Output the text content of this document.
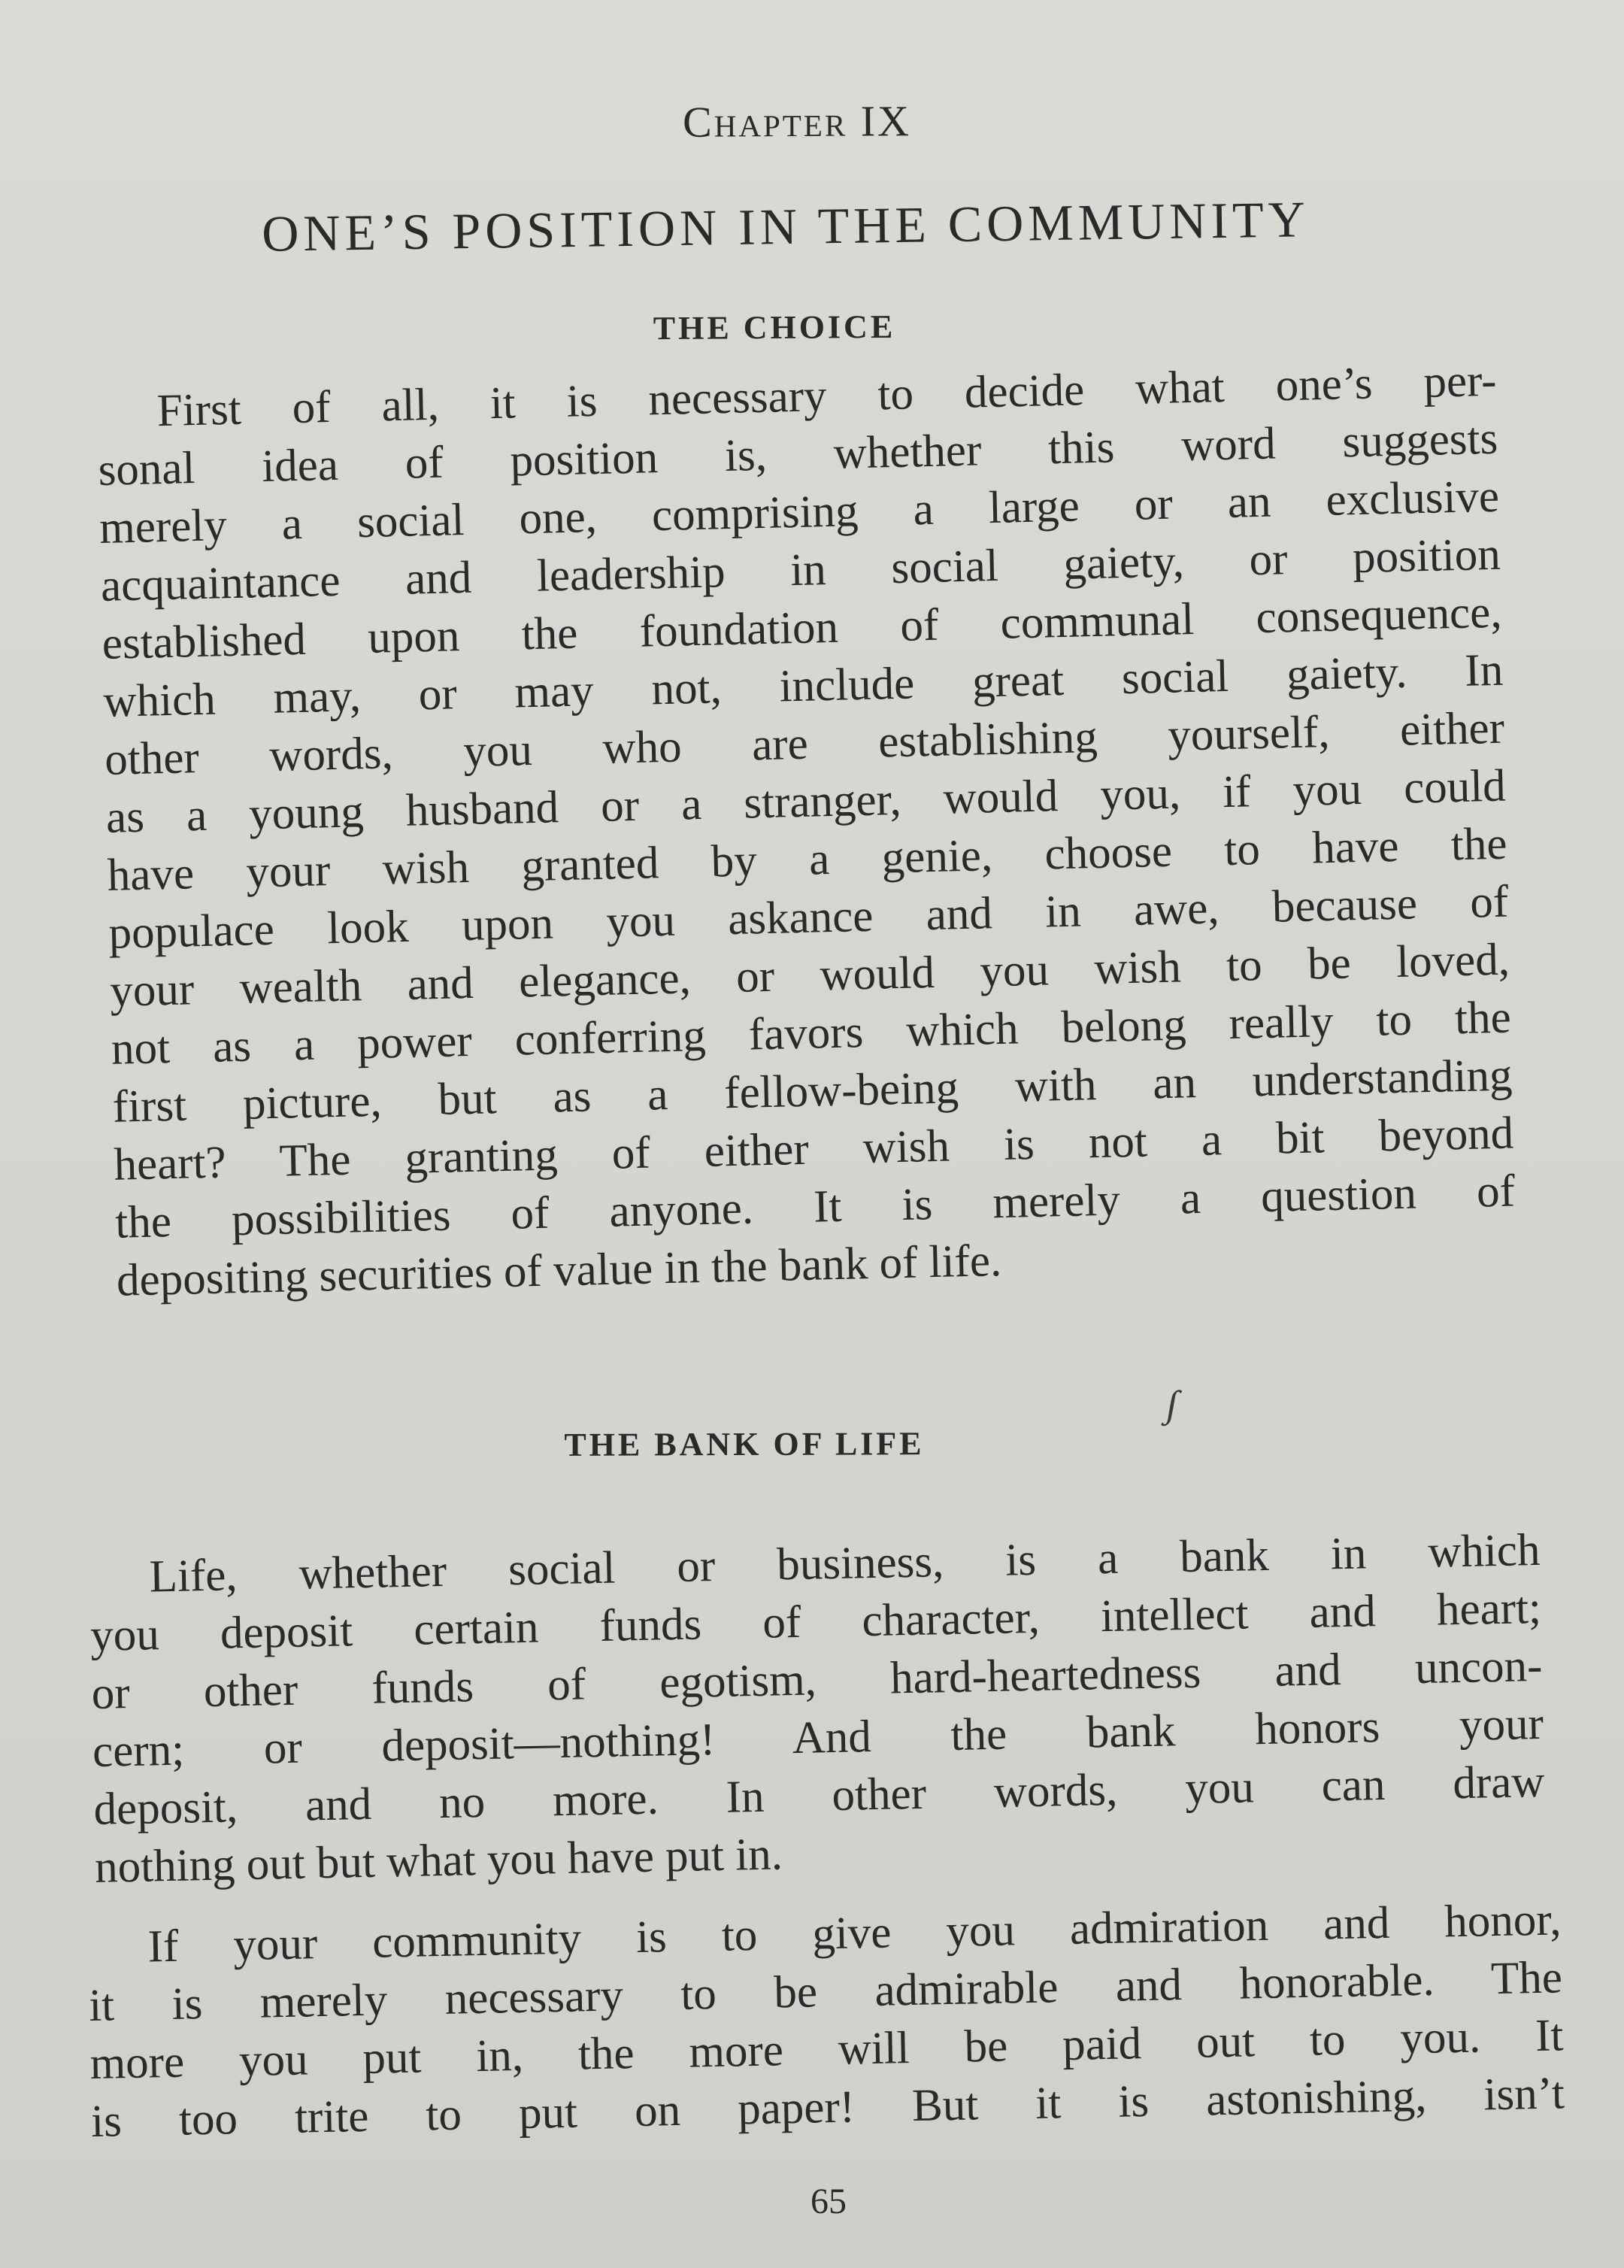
Chapter IX
ONE’S POSITION IN THE COMMUNITY
THE CHOICE
First of all, it is necessary to decide what one’s per-
sonal idea of position is, whether this word suggests
merely a social one, comprising a large or an exclusive
acquaintance and leadership in social gaiety, or position
established upon the foundation of communal consequence,
which may, or may not, include great social gaiety. In
other words, you who are establishing yourself, either
as a young husband or a stranger, would you, if you could
have your wish granted by a genie, choose to have the
populace look upon you askance and in awe, because of
your wealth and elegance, or would you wish to be loved,
not as a power conferring favors which belong really to the
first picture, but as a fellow-being with an understanding
heart? The granting of either wish is not a bit beyond
the possibilities of anyone. It is merely a question of
depositing securities of value in the bank of life.
∫
THE BANK OF LIFE
Life, whether social or business, is a bank in which
you deposit certain funds of character, intellect and heart;
or other funds of egotism, hard-heartedness and uncon-
cern; or deposit—nothing! And the bank honors your
deposit, and no more. In other words, you can draw
nothing out but what you have put in.
If your community is to give you admiration and honor,
it is merely necessary to be admirable and honorable. The
more you put in, the more will be paid out to you. It
is too trite to put on paper! But it is astonishing, isn’t
65
